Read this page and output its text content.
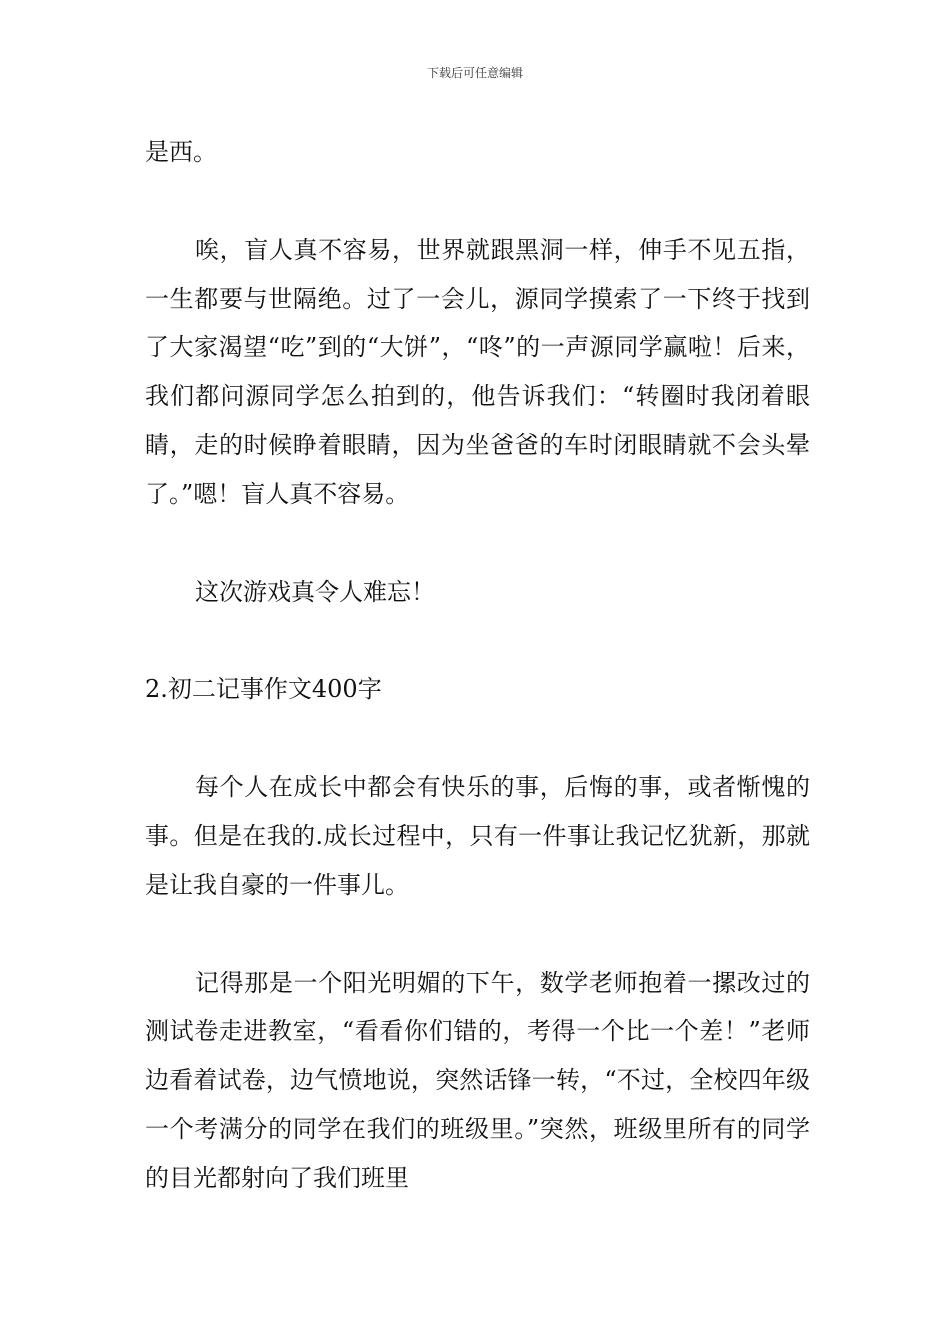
下载后可任意编辑

是西。

唉，盲人真不容易，世界就跟黑洞一样，伸手不见五指，一生都要与世隔绝。过了一会儿，源同学摸索了一下终于找到了大家渴望“吃”到的“大饼”，“咚”的一声源同学赢啦！后来，我们都问源同学怎么拍到的，他告诉我们：“转圈时我闭着眼睛，走的时候睁着眼睛，因为坐爸爸的车时闭眼睛就不会头晕了。”嗯！盲人真不容易。

这次游戏真令人难忘！

2.初二记事作文400字

每个人在成长中都会有快乐的事，后悔的事，或者惭愧的事。但是在我的.成长过程中，只有一件事让我记忆犹新，那就是让我自豪的一件事儿。

记得那是一个阳光明媚的下午，数学老师抱着一摞改过的测试卷走进教室，“看看你们错的，考得一个比一个差！”老师边看着试卷，边气愤地说，突然话锋一转，“不过，全校四年级一个考满分的同学在我们的班级里。”突然，班级里所有的同学的目光都射向了我们班里
